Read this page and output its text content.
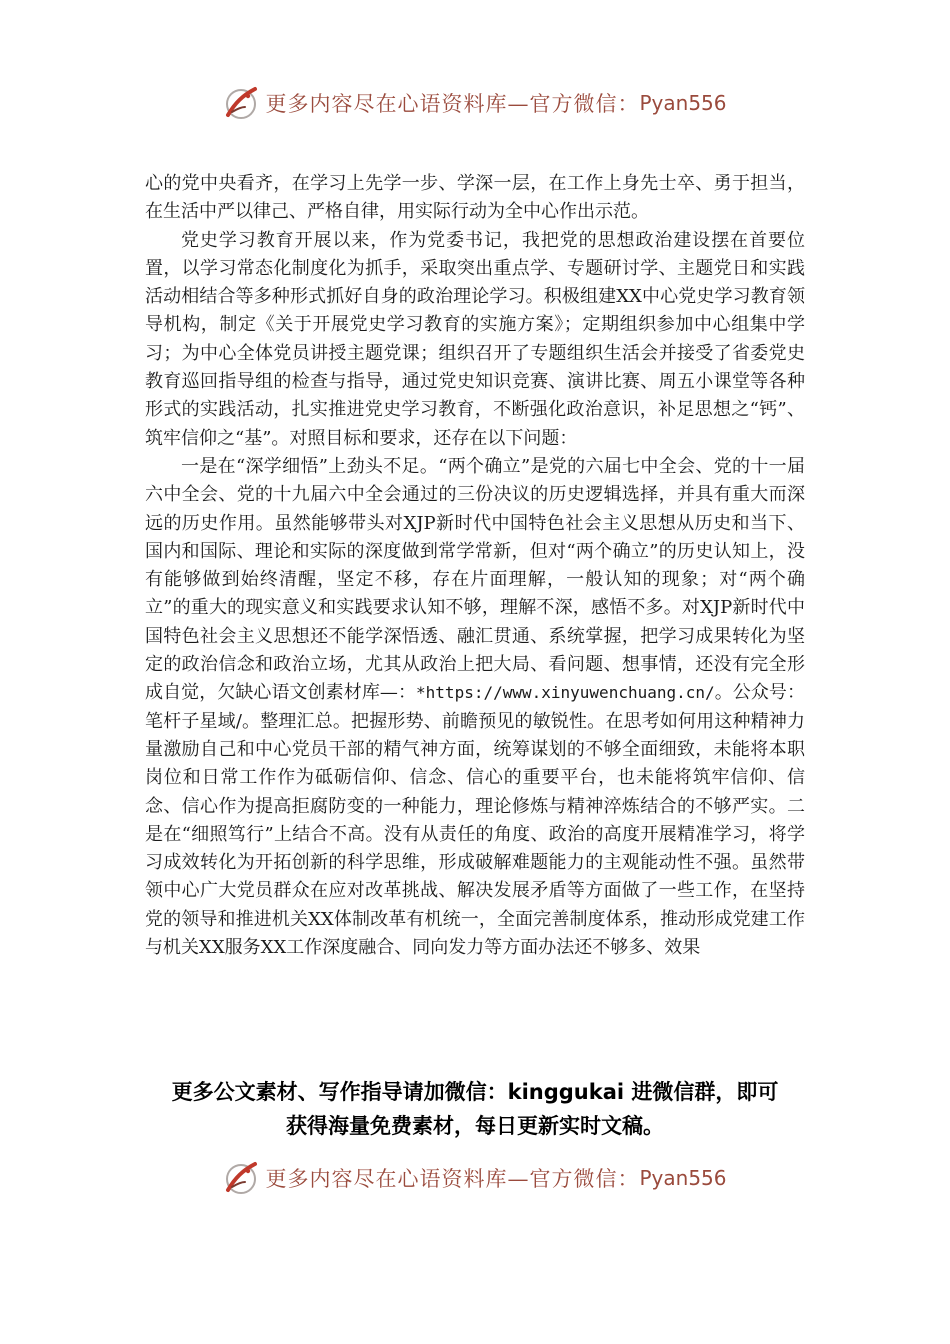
更多内容尽在心语资料库—官方微信： Pyan556

心的党中央看齐，在学习上先学一步、学深一层，在工作上身先士卒、勇于担当，在生活中严以律己、严格自律，用实际行动为全中心作出示范。

党史学习教育开展以来，作为党委书记，我把党的思想政治建设摆在首要位置，以学习常态化制度化为抓手，采取突出重点学、专题研讨学、主题党日和实践活动相结合等多种形式抓好自身的政治理论学习。积极组建XX中心党史学习教育领导机构，制定《关于开展党史学习教育的实施方案》；定期组织参加中心组集中学习；为中心全体党员讲授主题党课；组织召开了专题组织生活会并接受了省委党史教育巡回指导组的检查与指导，通过党史知识竞赛、演讲比赛、周五小课堂等各种形式的实践活动，扎实推进党史学习教育，不断强化政治意识，补足思想之“钙”、筑牢信仰之“基”。对照目标和要求，还存在以下问题：

一是在“深学细悟”上劲头不足。“两个确立”是党的六届七中全会、党的十一届六中全会、党的十九届六中全会通过的三份决议的历史逻辑选择，并具有重大而深远的历史作用。虽然能够带头对XJP新时代中国特色社会主义思想从历史和当下、国内和国际、理论和实际的深度做到常学常新，但对“两个确立”的历史认知上，没有能够做到始终清醒，坚定不移，存在片面理解，一般认知的现象；对“两个确立”的重大的现实意义和实践要求认知不够，理解不深，感悟不多。对XJP新时代中国特色社会主义思想还不能学深悟透、融汇贯通、系统掌握，把学习成果转化为坚定的政治信念和政治立场，尤其从政治上把大局、看问题、想事情，还没有完全形成自觉，欠缺心语文创素材库—：*https://www.xinyuwenchuang.cn/。公众号：笔杆子星域/。整理汇总。把握形势、前瞻预见的敏锐性。在思考如何用这种精神力量激励自己和中心党员干部的精气神方面，统筹谋划的不够全面细致，未能将本职岗位和日常工作作为砥砺信仰、信念、信心的重要平台，也未能将筑牢信仰、信念、信心作为提高拒腐防变的一种能力，理论修炼与精神淬炼结合的不够严实。二是在“细照笃行”上结合不高。没有从责任的角度、政治的高度开展精准学习，将学习成效转化为开拓创新的科学思维，形成破解难题能力的主观能动性不强。虽然带领中心广大党员群众在应对改革挑战、解决发展矛盾等方面做了一些工作，在坚持党的领导和推进机关XX体制改革有机统一，全面完善制度体系，推动形成党建工作与机关XX服务XX工作深度融合、同向发力等方面办法还不够多、效果

更多公文素材、写作指导请加微信：kinggukai 进微信群，即可
获得海量免费素材，每日更新实时文稿。
更多内容尽在心语资料库—官方微信： Pyan556
